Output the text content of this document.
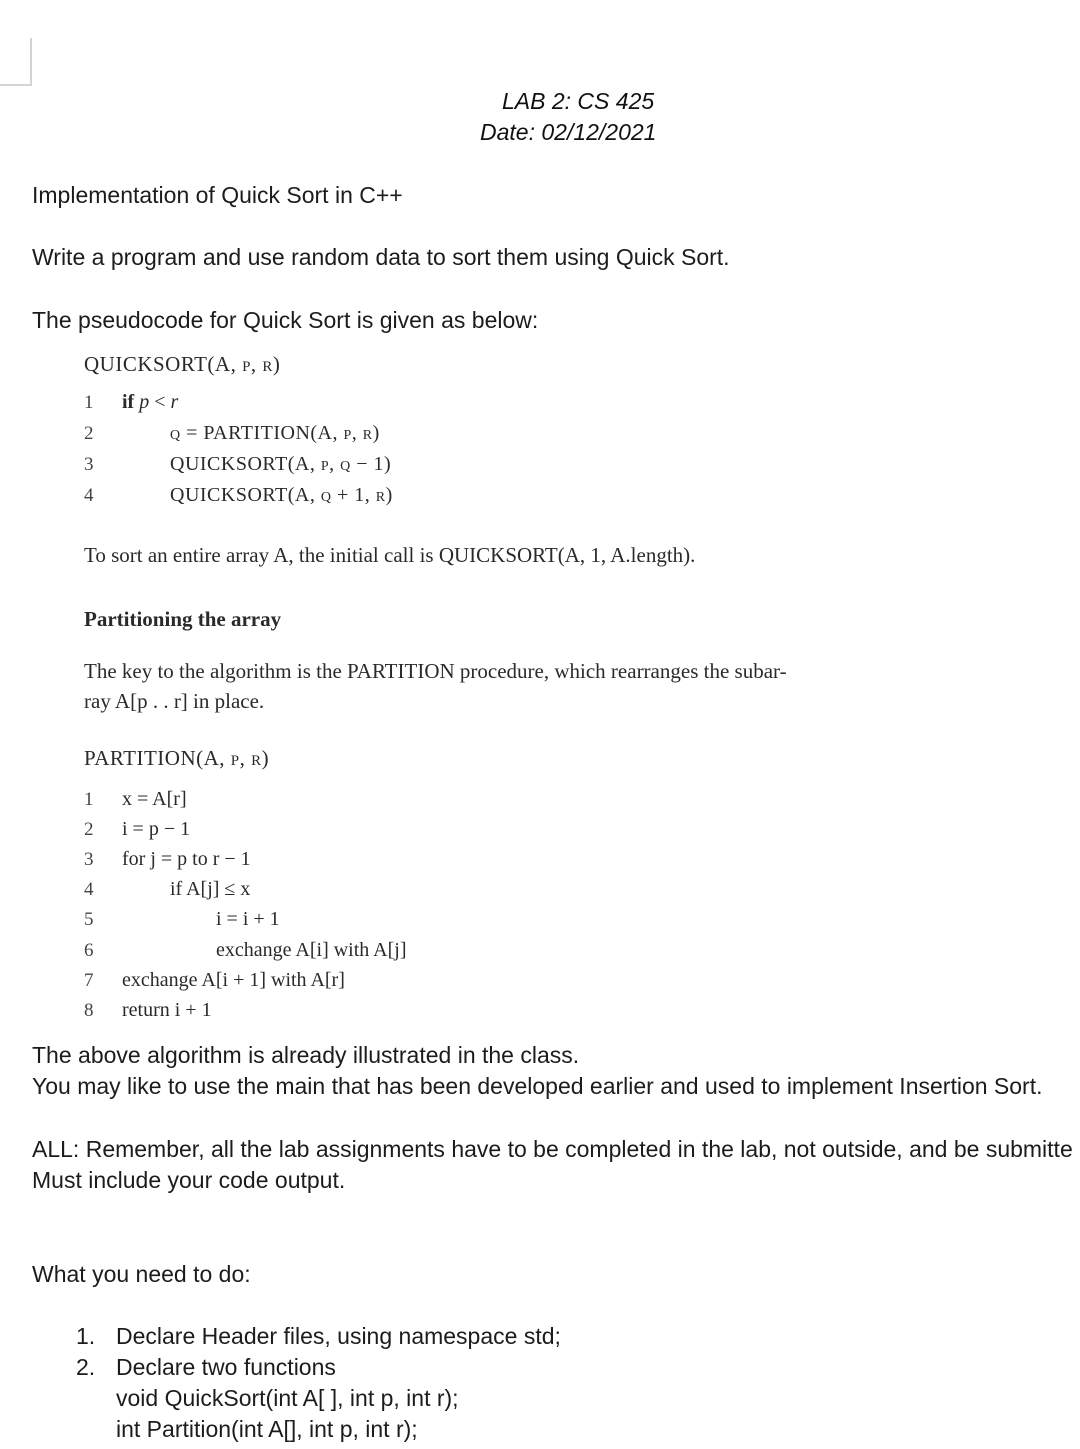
LAB 2: CS 425
Date: 02/12/2021
Implementation of Quick Sort in C++
Write a program and use random data to sort them using Quick Sort.
The pseudocode for Quick Sort is given as below:
QUICKSORT(A, p, r)
1 if p < r
2	q = PARTITION(A, p, r)
3	QUICKSORT(A, p, q − 1)
4	QUICKSORT(A, q + 1, r)
To sort an entire array A, the initial call is QUICKSORT(A, 1, A.length).
Partitioning the array
The key to the algorithm is the PARTITION procedure, which rearranges the subar-
ray A[p . . r] in place.
PARTITION(A, p, r)
1 x = A[r]
2 i = p − 1
3 for j = p to r − 1
4	if A[j] ≤ x
5	i = i + 1
6	exchange A[i] with A[j]
7 exchange A[i + 1] with A[r]
8 return i + 1
The above algorithm is already illustrated in the class.
You may like to use the main that has been developed earlier and used to implement Insertion Sort.
ALL: Remember, all the lab assignments have to be completed in the lab, not outside, and be submitte
Must include your code output.
What you need to do:
1. Declare Header files, using namespace std;
2. Declare two functions
void QuickSort(int A[ ], int p, int r);
int Partition(int A[], int p, int r);
